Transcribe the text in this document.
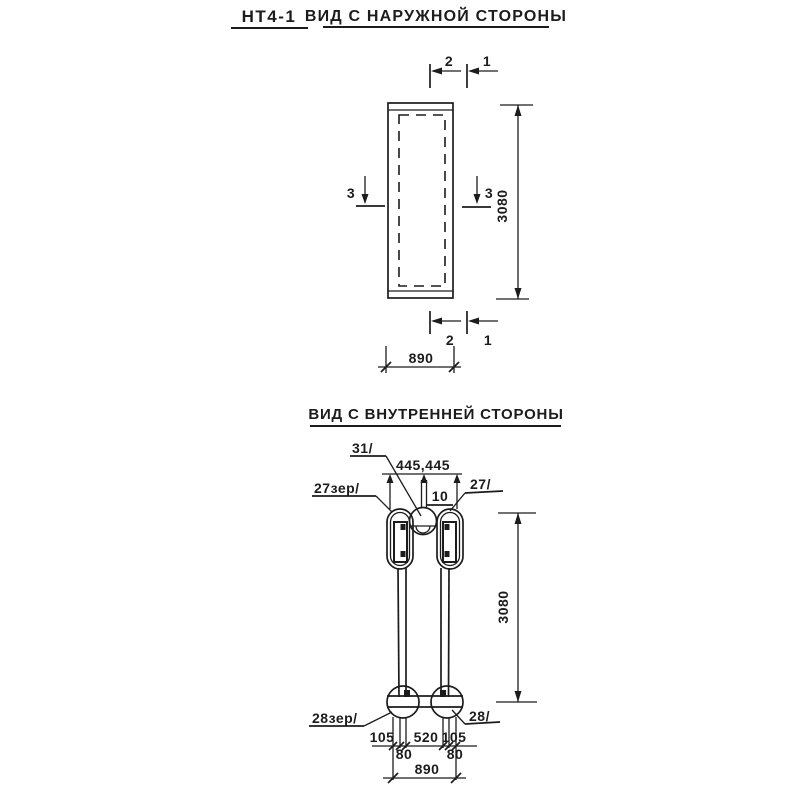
НТ4-1 ВИД С НАРУЖНОЙ СТОРОНЫ
2 1
3	3
2 1
3080
890
ВИД С ВНУТРЕННЕЙ СТОРОНЫ
31/
445,445
10
27зер/	27/
28зер/	28/
3080
105 520 105
80 80
890
